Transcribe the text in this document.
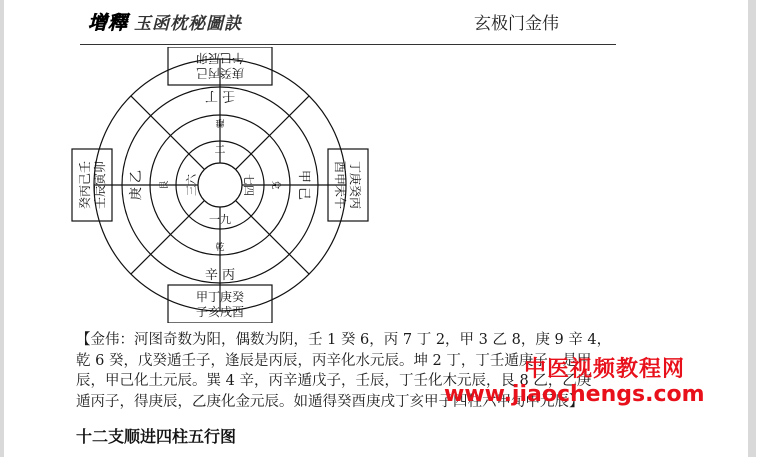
增釋 玉函枕秘圖訣	玄极门金伟
二
七四
一九
三六
離
兌
乾
艮
壬 丁
甲 己
辛 丙
庚 乙
庚癸丙己
午巳辰卯
丁庚癸丙
酉申未午
甲丁庚癸
子亥戌酉
癸丙己壬 壬辰寅卯
【金伟：河图奇数为阳，偶数为阴，壬 1 癸 6，丙 7 丁 2，甲 3 乙 8，庚 9 辛 4，
乾 6 癸，戊癸遁壬子，逢辰是丙辰，丙辛化水元辰。坤 2 丁，丁壬遁庚子，是甲
辰，甲己化土元辰。巽 4 辛，丙辛遁戊子，壬辰，丁壬化木元辰，艮 8 乙，乙庚
遁丙子，得庚辰，乙庚化金元辰。如遁得癸酉庚戌丁亥甲子四柱六甲旬中元辰】
十二支顺进四柱五行图
中医视频教程网
www.jiaochengs.com
